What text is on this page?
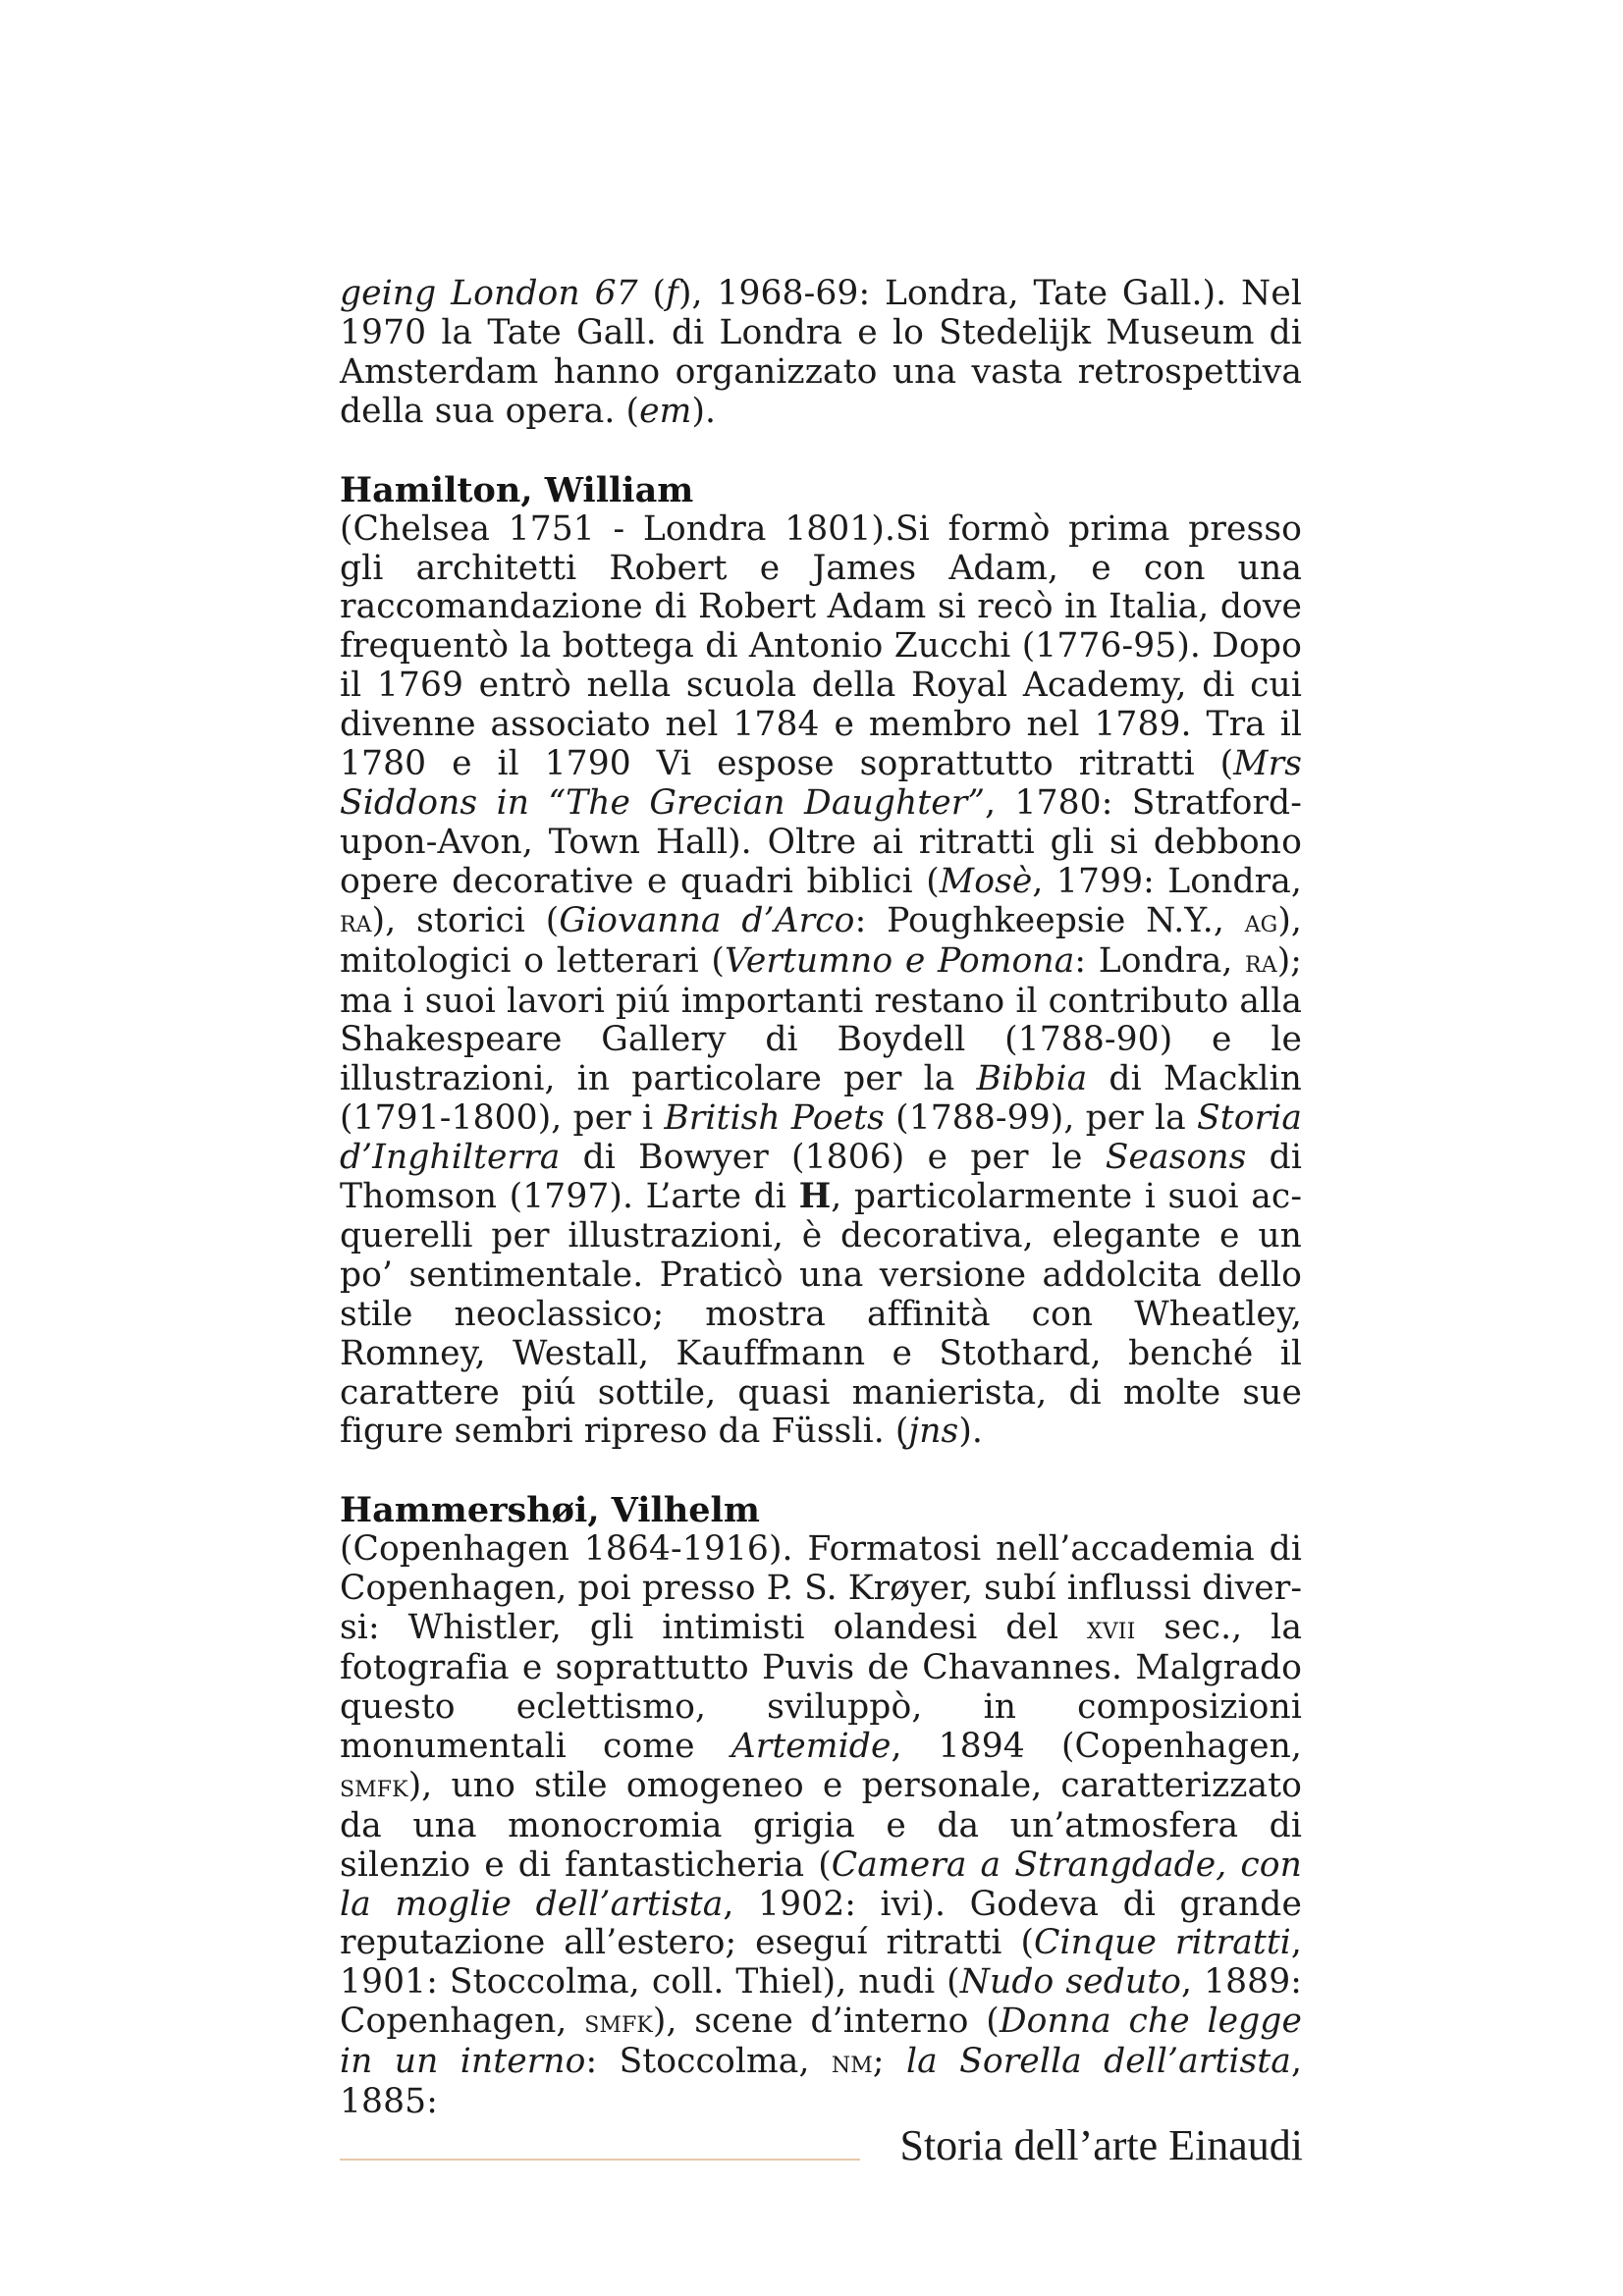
geing London 67 (f), 1968-69: Londra, Tate Gall.). Nel 1970 la Tate Gall. di Londra e lo Stedelijk Museum di Amsterdam hanno organizzato una vasta retrospettiva della sua opera. (em).

Hamilton, William

(Chelsea 1751 - Londra 1801).Si formò prima presso gli architetti Robert e James Adam, e con una raccomandazione di Robert Adam si recò in Italia, dove frequentò la bottega di Antonio Zucchi (1776-95). Dopo il 1769 entrò nella scuola della Royal Academy, di cui divenne associato nel 1784 e membro nel 1789. Tra il 1780 e il 1790 Vi espose soprattutto ritratti (Mrs Siddons in “The Grecian Daughter”, 1780: Stratford-upon-Avon, Town Hall). Oltre ai ritratti gli si debbono opere decorative e quadri biblici (Mosè, 1799: Londra, ra), storici (Giovanna d’Arco: Poughkeepsie N.Y., ag), mitologici o letterari (Vertumno e Pomona: Londra, ra); ma i suoi lavori piú importanti restano il contributo alla Shakespeare Gallery di Boydell (1788-90) e le illustrazioni, in particolare per la Bibbia di Macklin (1791-1800), per i British Poets (1788-99), per la Storia d’Inghilterra di Bowyer (1806) e per le Seasons di Thomson (1797). L’arte di H, particolarmente i suoi acquerelli per illustrazioni, è decorativa, elegante e un po’ sentimentale. Praticò una versione addolcita dello stile neoclassico; mostra affinità con Wheatley, Romney, Westall, Kauffmann e Stothard, benché il carattere piú sottile, quasi manierista, di molte sue figure sembri ripreso da Füssli. (jns).

Hammershøi, Vilhelm

(Copenhagen 1864-1916). Formatosi nell’accademia di Copenhagen, poi presso P. S. Krøyer, subí influssi diversi: Whistler, gli intimisti olandesi del xvii sec., la fotografia e soprattutto Puvis de Chavannes. Malgrado questo eclettismo, sviluppò, in composizioni monumentali come Artemide, 1894 (Copenhagen, smfk), uno stile omogeneo e personale, caratterizzato da una monocromia grigia e da un’atmosfera di silenzio e di fantasticheria (Camera a Strangdade, con la moglie dell’artista, 1902: ivi). Godeva di grande reputazione all’estero; eseguí ritratti (Cinque ritratti, 1901: Stoccolma, coll. Thiel), nudi (Nudo seduto, 1889: Copenhagen, smfk), scene d’interno (Donna che legge in un interno: Stoccolma, nm; la Sorella dell’artista, 1885:

Storia dell’arte Einaudi
